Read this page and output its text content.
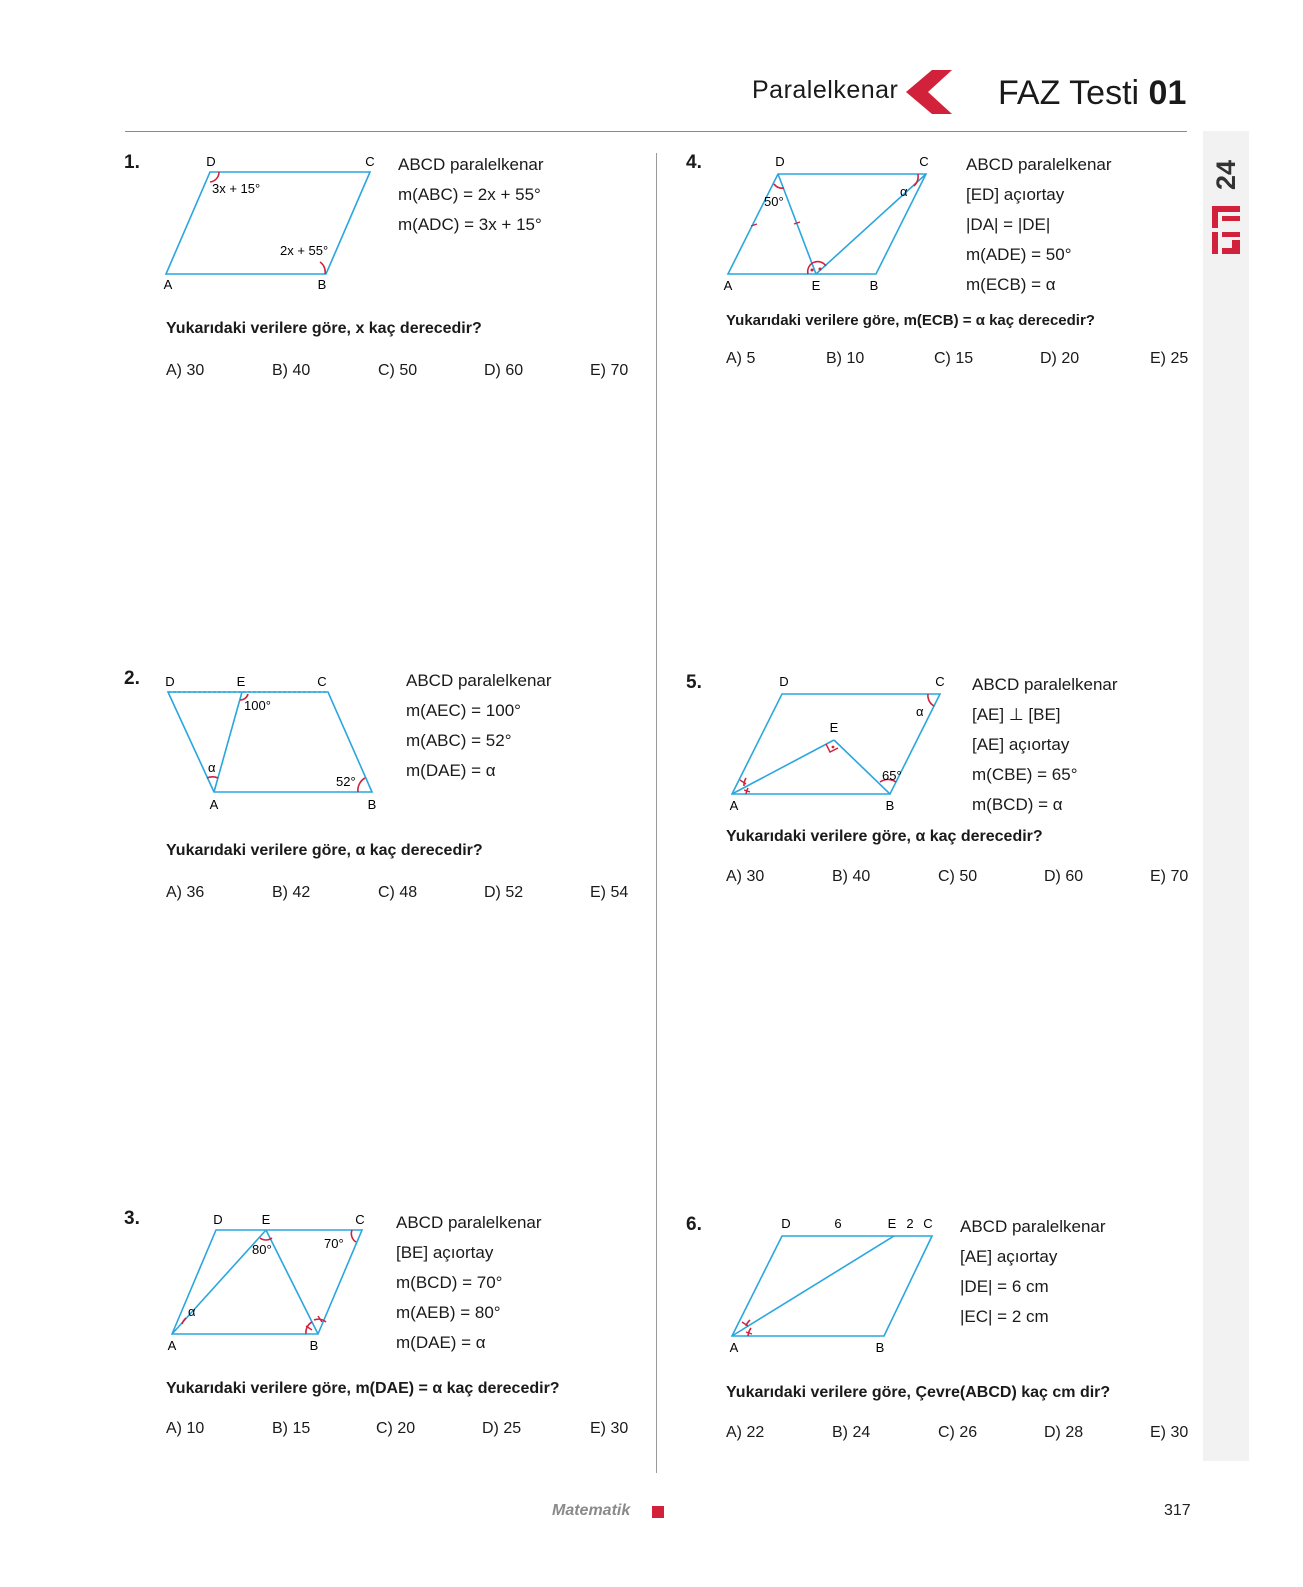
Paralelkenar	FAZ Testi 01
24
1.	D	C
A	B
3x + 15°
2x + 55°
ABCD paralelkenar
m(ABC) = 2x + 55°
m(ADC) = 3x + 15°
Yukarıdaki verilere göre, x kaç derecedir?
A) 30	B) 40	C) 50	D) 60	E) 70
2. D	E	C
A	B
100°
52°
α
ABCD paralelkenar
m(AEC) = 100°
m(ABC) = 52°
m(DAE) = α
Yukarıdaki verilere göre, α kaç derecedir?
A) 36	B) 42	C) 48	D) 52	E) 54
3.	D	E	C
A	B
80°	70°
α
ABCD paralelkenar
[BE] açıortay
m(BCD) = 70°
m(AEB) = 80°
m(DAE) = α
Yukarıdaki verilere göre, m(DAE) = α kaç derecedir?
A) 10	B) 15	C) 20	D) 25	E) 30
4.	D	C
A	E	B
50°
α
ABCD paralelkenar
[ED] açıortay
|DA| = |DE|
m(ADE) = 50°
m(ECB) = α
Yukarıdaki verilere göre, m(ECB) = α kaç derecedir?
A) 5	B) 10	C) 15	D) 20	E) 25
5.	D	C
E
A	B
65°
α
ABCD paralelkenar
[AE] ⊥ [BE]
[AE] açıortay
m(CBE) = 65°
m(BCD) = α
Yukarıdaki verilere göre, α kaç derecedir?
A) 30	B) 40	C) 50	D) 60	E) 70
6.	D	6	E 2 C
A	B
ABCD paralelkenar
[AE] açıortay
|DE| = 6 cm
|EC| = 2 cm
Yukarıdaki verilere göre, Çevre(ABCD) kaç cm dir?
A) 22	B) 24	C) 26	D) 28	E) 30
Matematik	317
